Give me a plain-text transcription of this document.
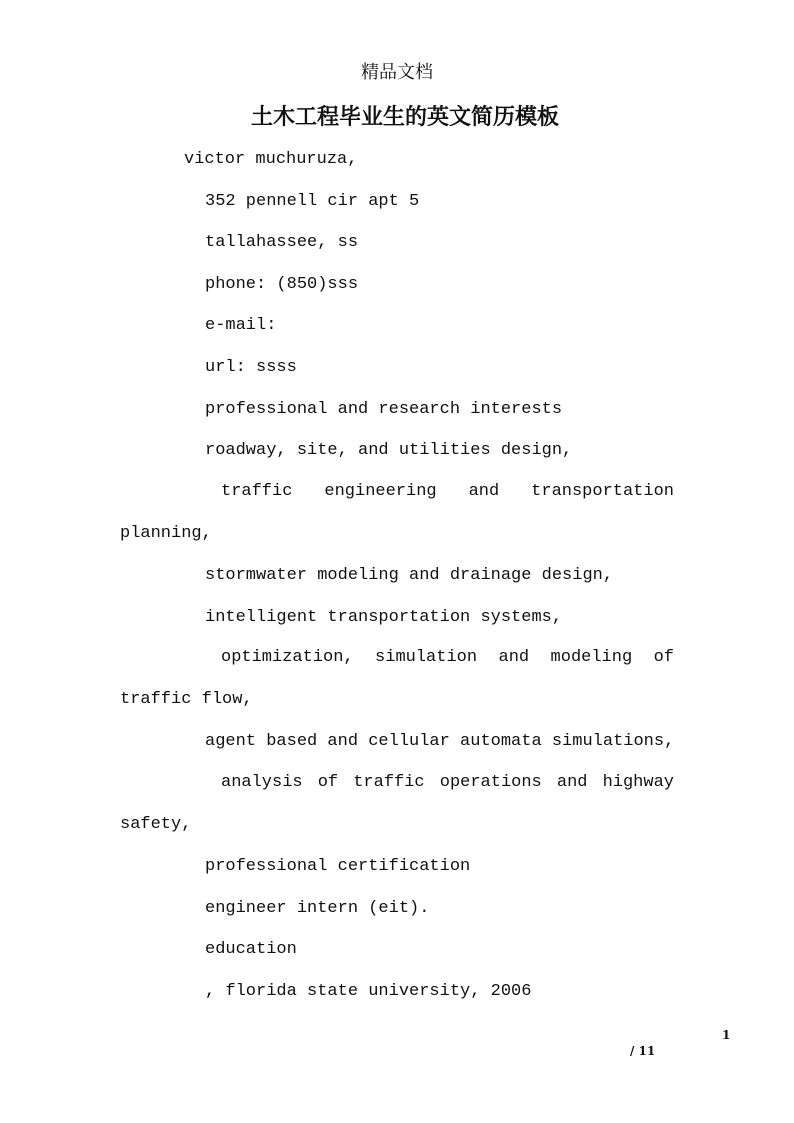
精品文档

土木工程毕业生的英文简历模板

victor muchuruza,

352 pennell cir apt 5

tallahassee, ss

phone: (850)sss

e-mail:

url: ssss

professional and research interests

roadway, site, and utilities design,

traffic engineering and transportation planning,

stormwater modeling and drainage design,

intelligent transportation systems,

optimization, simulation and modeling of traffic flow,

agent based and cellular automata simulations,

analysis of traffic operations and highway safety,

professional certification

engineer intern (eit).

education

, florida state university, 2006

1
/ 11
